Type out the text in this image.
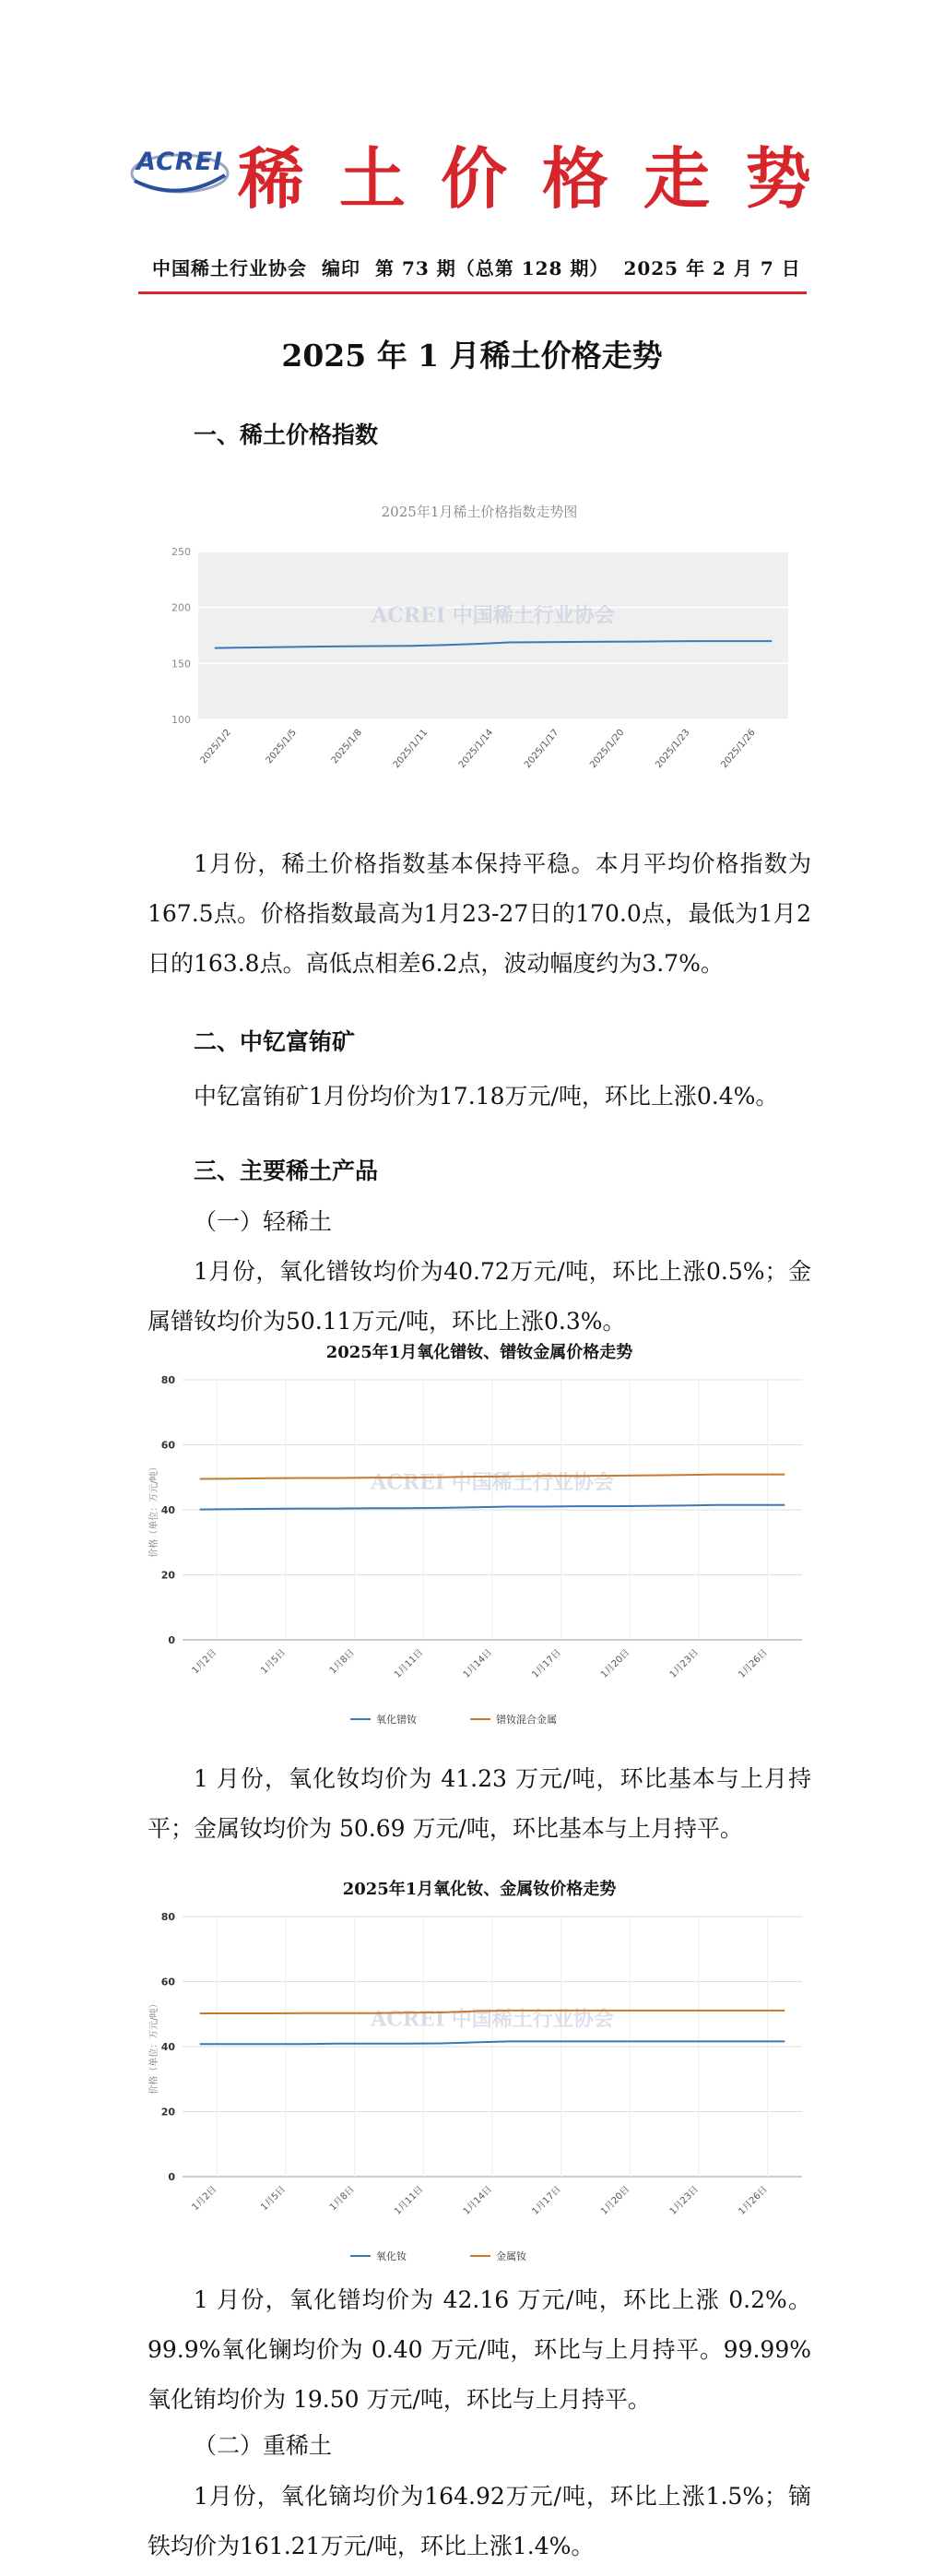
ACREI 稀土价格走势
中国稀土行业协会 编印 第 73 期（总第 128 期） 2025 年 2 月 7 日
2025 年 1 月稀土价格走势
一、稀土价格指数
2025年1月稀土价格指数走势图
100
150
200
250
ACREI 中国稀土行业协会
2025/1/2	2025/1/5	2025/1/8	2025/1/11	2025/1/14	2025/1/17	2025/1/20	2025/1/23	2025/1/26
1月份，稀土价格指数基本保持平稳。本月平均价格指数为167.5点。价格指数最高为1月23-27日的170.0点，最低为1月2日的163.8点。高低点相差6.2点，波动幅度约为3.7%。
二、中钇富铕矿
中钇富铕矿1月份均价为17.18万元/吨，环比上涨0.4%。
三、主要稀土产品
（一）轻稀土
1月份，氧化镨钕均价为40.72万元/吨，环比上涨0.5%；金属镨钕均价为50.11万元/吨，环比上涨0.3%。
2025年1月氧化镨钕、镨钕金属价格走势
0
20
40
60
80
ACREI 中国稀土行业协会
1月2日	1月5日	1月8日	1月11日	1月14日	1月17日	1月20日	1月23日	1月26日
价格（单位：万元/吨）
氧化镨钕	镨钕混合金属
1 月份，氧化钕均价为 41.23 万元/吨，环比基本与上月持平；金属钕均价为 50.69 万元/吨，环比基本与上月持平。
2025年1月氧化钕、金属钕价格走势
0
20
40
60
80
ACREI 中国稀土行业协会
1月2日	1月5日	1月8日	1月11日	1月14日	1月17日	1月20日	1月23日	1月26日
价格（单位：万元/吨）
氧化钕	金属钕
1 月份，氧化镨均价为 42.16 万元/吨，环比上涨 0.2%。99.9%氧化镧均价为 0.40 万元/吨，环比与上月持平。99.99%氧化铕均价为 19.50 万元/吨，环比与上月持平。
（二）重稀土
1月份，氧化镝均价为164.92万元/吨，环比上涨1.5%；镝铁均价为161.21万元/吨，环比上涨1.4%。
